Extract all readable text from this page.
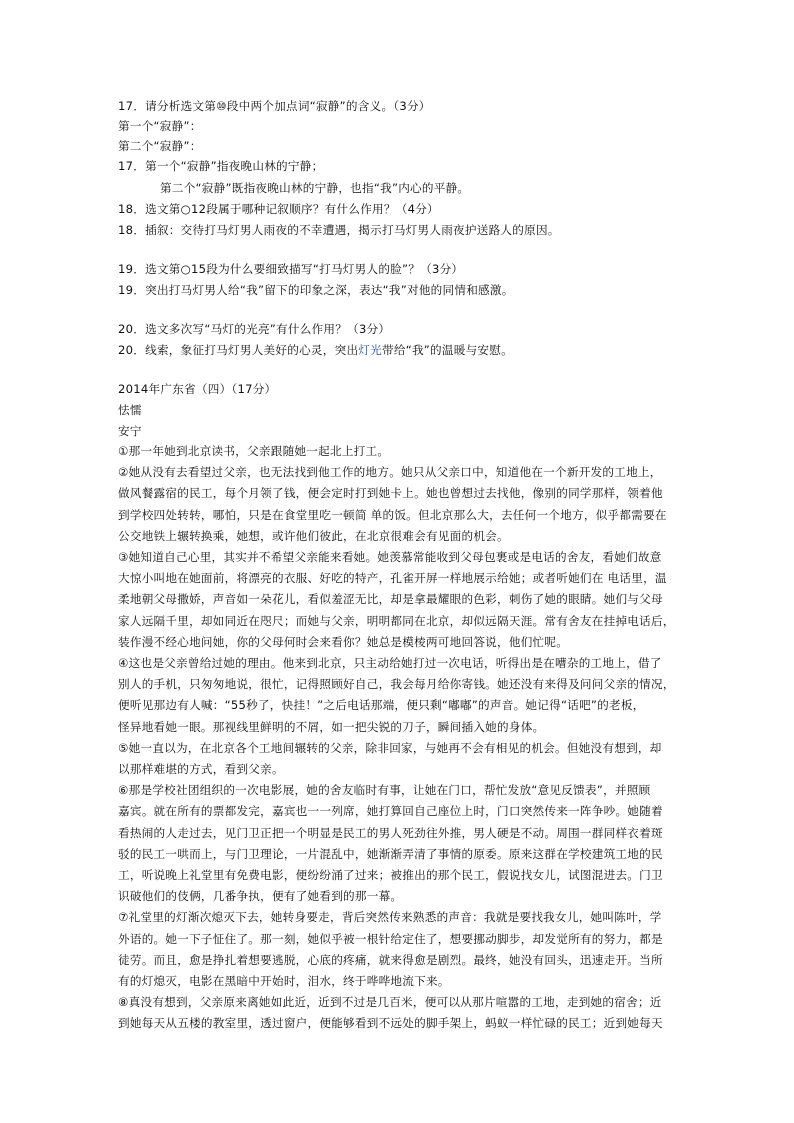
17．请分析选文第⑩段中两个加点词“寂静”的含义。（3分）
第一个“寂静”：
第二个“寂静”：
17．第一个“寂静”指夜晚山林的宁静；
第二个“寂静”既指夜晚山林的宁静，也指“我”内心的平静。
18．选文第○12段属于哪种记叙顺序？有什么作用？（4分）
18．插叙：交待打马灯男人雨夜的不幸遭遇，揭示打马灯男人雨夜护送路人的原因。
19．选文第○15段为什么要细致描写“打马灯男人的脸”？（3分）
19．突出打马灯男人给“我”留下的印象之深，表达“我”对他的同情和感激。
20．选文多次写“马灯的光亮”有什么作用？（3分）
20．线索，象征打马灯男人美好的心灵，突出灯光带给“我”的温暖与安慰。
2014年广东省（四）（17分）
怯懦
安宁
①那一年她到北京读书，父亲跟随她一起北上打工。
②她从没有去看望过父亲，也无法找到他工作的地方。她只从父亲口中，知道他在一个新开发的工地上，
做风餐露宿的民工，每个月领了钱，便会定时打到她卡上。她也曾想过去找他，像别的同学那样，领着他
到学校四处转转，哪怕，只是在食堂里吃一顿简 单的饭。但北京那么大，去任何一个地方，似乎都需要在
公交地铁上辗转换乘，她想，或许他们彼此，在北京很难会有见面的机会。
③她知道自己心里，其实并不希望父亲能来看她。她羡慕常能收到父母包裹或是电话的舍友，看她们故意
大惊小叫地在她面前，将漂亮的衣服、好吃的特产，孔雀开屏一样地展示给她；或者听她们在 电话里，温
柔地朝父母撒娇，声音如一朵花儿，看似羞涩无比，却是拿最耀眼的色彩，刺伤了她的眼睛。她们与父母
家人远隔千里，却如同近在咫尺；而她与父亲，明明都同在北京，却似远隔天涯。常有舍友在挂掉电话后，
装作漫不经心地问她，你的父母何时会来看你？她总是模棱两可地回答说，他们忙呢。
④这也是父亲曾给过她的理由。他来到北京，只主动给她打过一次电话，听得出是在嘈杂的工地上，借了
别人的手机，只匆匆地说，很忙，记得照顾好自己，我会每月给你寄钱。她还没有来得及问问父亲的情况，
便听见那边有人喊：“55秒了，快挂！”之后电话那端，便只剩“嘟嘟”的声音。她记得“话吧”的老板，
怪异地看她一眼。那视线里鲜明的不屑，如一把尖锐的刀子，瞬间插入她的身体。
⑤她一直以为，在北京各个工地间辗转的父亲，除非回家，与她再不会有相见的机会。但她没有想到，却
以那样难堪的方式，看到父亲。
⑥那是学校社团组织的一次电影展，她的舍友临时有事，让她在门口，帮忙发放“意见反馈表”，并照顾
嘉宾。就在所有的票都发完，嘉宾也一一列席，她打算回自己座位上时，门口突然传来一阵争吵。她随着
看热闹的人走过去，见门卫正把一个明显是民工的男人死劲往外推，男人硬是不动。周围一群同样衣着斑
驳的民工一哄而上，与门卫理论，一片混乱中，她渐渐弄清了事情的原委。原来这群在学校建筑工地的民
工，听说晚上礼堂里有免费电影，便纷纷涌了过来；被推出的那个民工，假说找女儿，试图混进去。门卫
识破他们的伎俩，几番争执，便有了她看到的那一幕。
⑦礼堂里的灯渐次熄灭下去，她转身要走，背后突然传来熟悉的声音：我就是要找我女儿，她叫陈叶，学
外语的。她一下子怔住了。那一刻，她似乎被一根针给定住了，想要挪动脚步，却发觉所有的努力，都是
徒劳。而且，愈是挣扎着想要逃脱，心底的疼痛，就来得愈是剧烈。最终，她没有回头，迅速走开。当所
有的灯熄灭，电影在黑暗中开始时，泪水，终于哗哗地流下来。
⑧真没有想到，父亲原来离她如此近，近到不过是几百米，便可以从那片喧嚣的工地，走到她的宿舍；近
到她每天从五楼的教室里，透过窗户，便能够看到不远处的脚手架上，蚂蚁一样忙碌的民工；近到她每天
